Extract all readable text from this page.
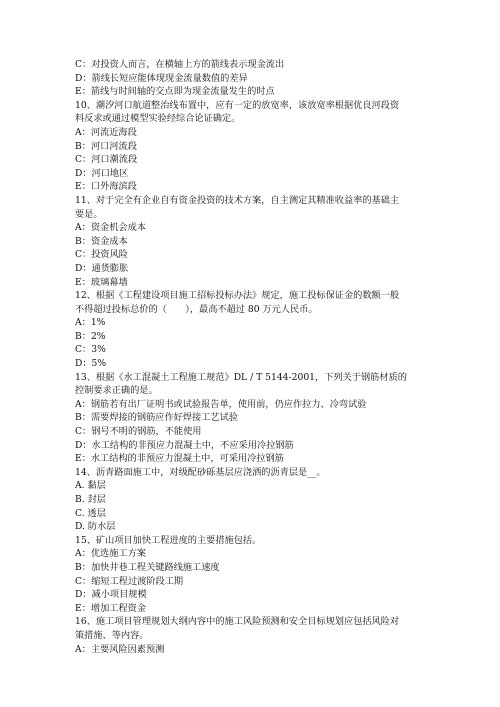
C：对投资人而言，在横轴上方的箭线表示现金流出
D：箭线长短应能体现现金流量数值的差异
E：箭线与时间轴的交点即为现金流量发生的时点
10、潮汐河口航道整治线布置中，应有一定的放宽率，该放宽率根据优良河段资
料反求或通过模型实验经综合论证确定。
A：河流近海段
B：河口河流段
C：河口潮流段
D：河口地区
E：口外海滨段
11、对于完全有企业自有资金投资的技术方案，自主测定其精准收益率的基础主
要是。
A：资金机会成本
B：资金成本
C：投资风险
D：通货膨胀
E：玻璃幕墙
12、根据《工程建设项目施工招标投标办法》规定，施工投标保证金的数额一般
不得超过投标总价的（　　），最高不超过 80 万元人民币。
A：1%
B：2%
C：3%
D：5%
13、根据《水工混凝土工程施工规范》DL / T 5144-2001，下列关于钢筋材质的
控制要求正确的是。
A：钢筋若有出厂证明书或试验报告单，使用前，仍应作拉力、冷弯试验
B：需要焊接的钢筋应作好焊接工艺试验
C：钢号不明的钢筋，不能使用
D：水工结构的非预应力混凝土中，不应采用冷拉钢筋
E：水工结构的非预应力混凝土中，可采用冷拉钢筋
14、沥青路面施工中，对级配砂砾基层应浇洒的沥青层是__。
A. 黏层
B. 封层
C. 透层
D. 防水层
15、矿山项目加快工程进度的主要措施包括。
A：优选施工方案
B：加快井巷工程关键路线施工速度
C：缩短工程过渡阶段工期
D：减小项目规模
E：增加工程资金
16、施工项目管理规划大纲内容中的施工风险预测和安全目标规划应包括风险对
策措施、等内容。
A：主要风险因素预测
